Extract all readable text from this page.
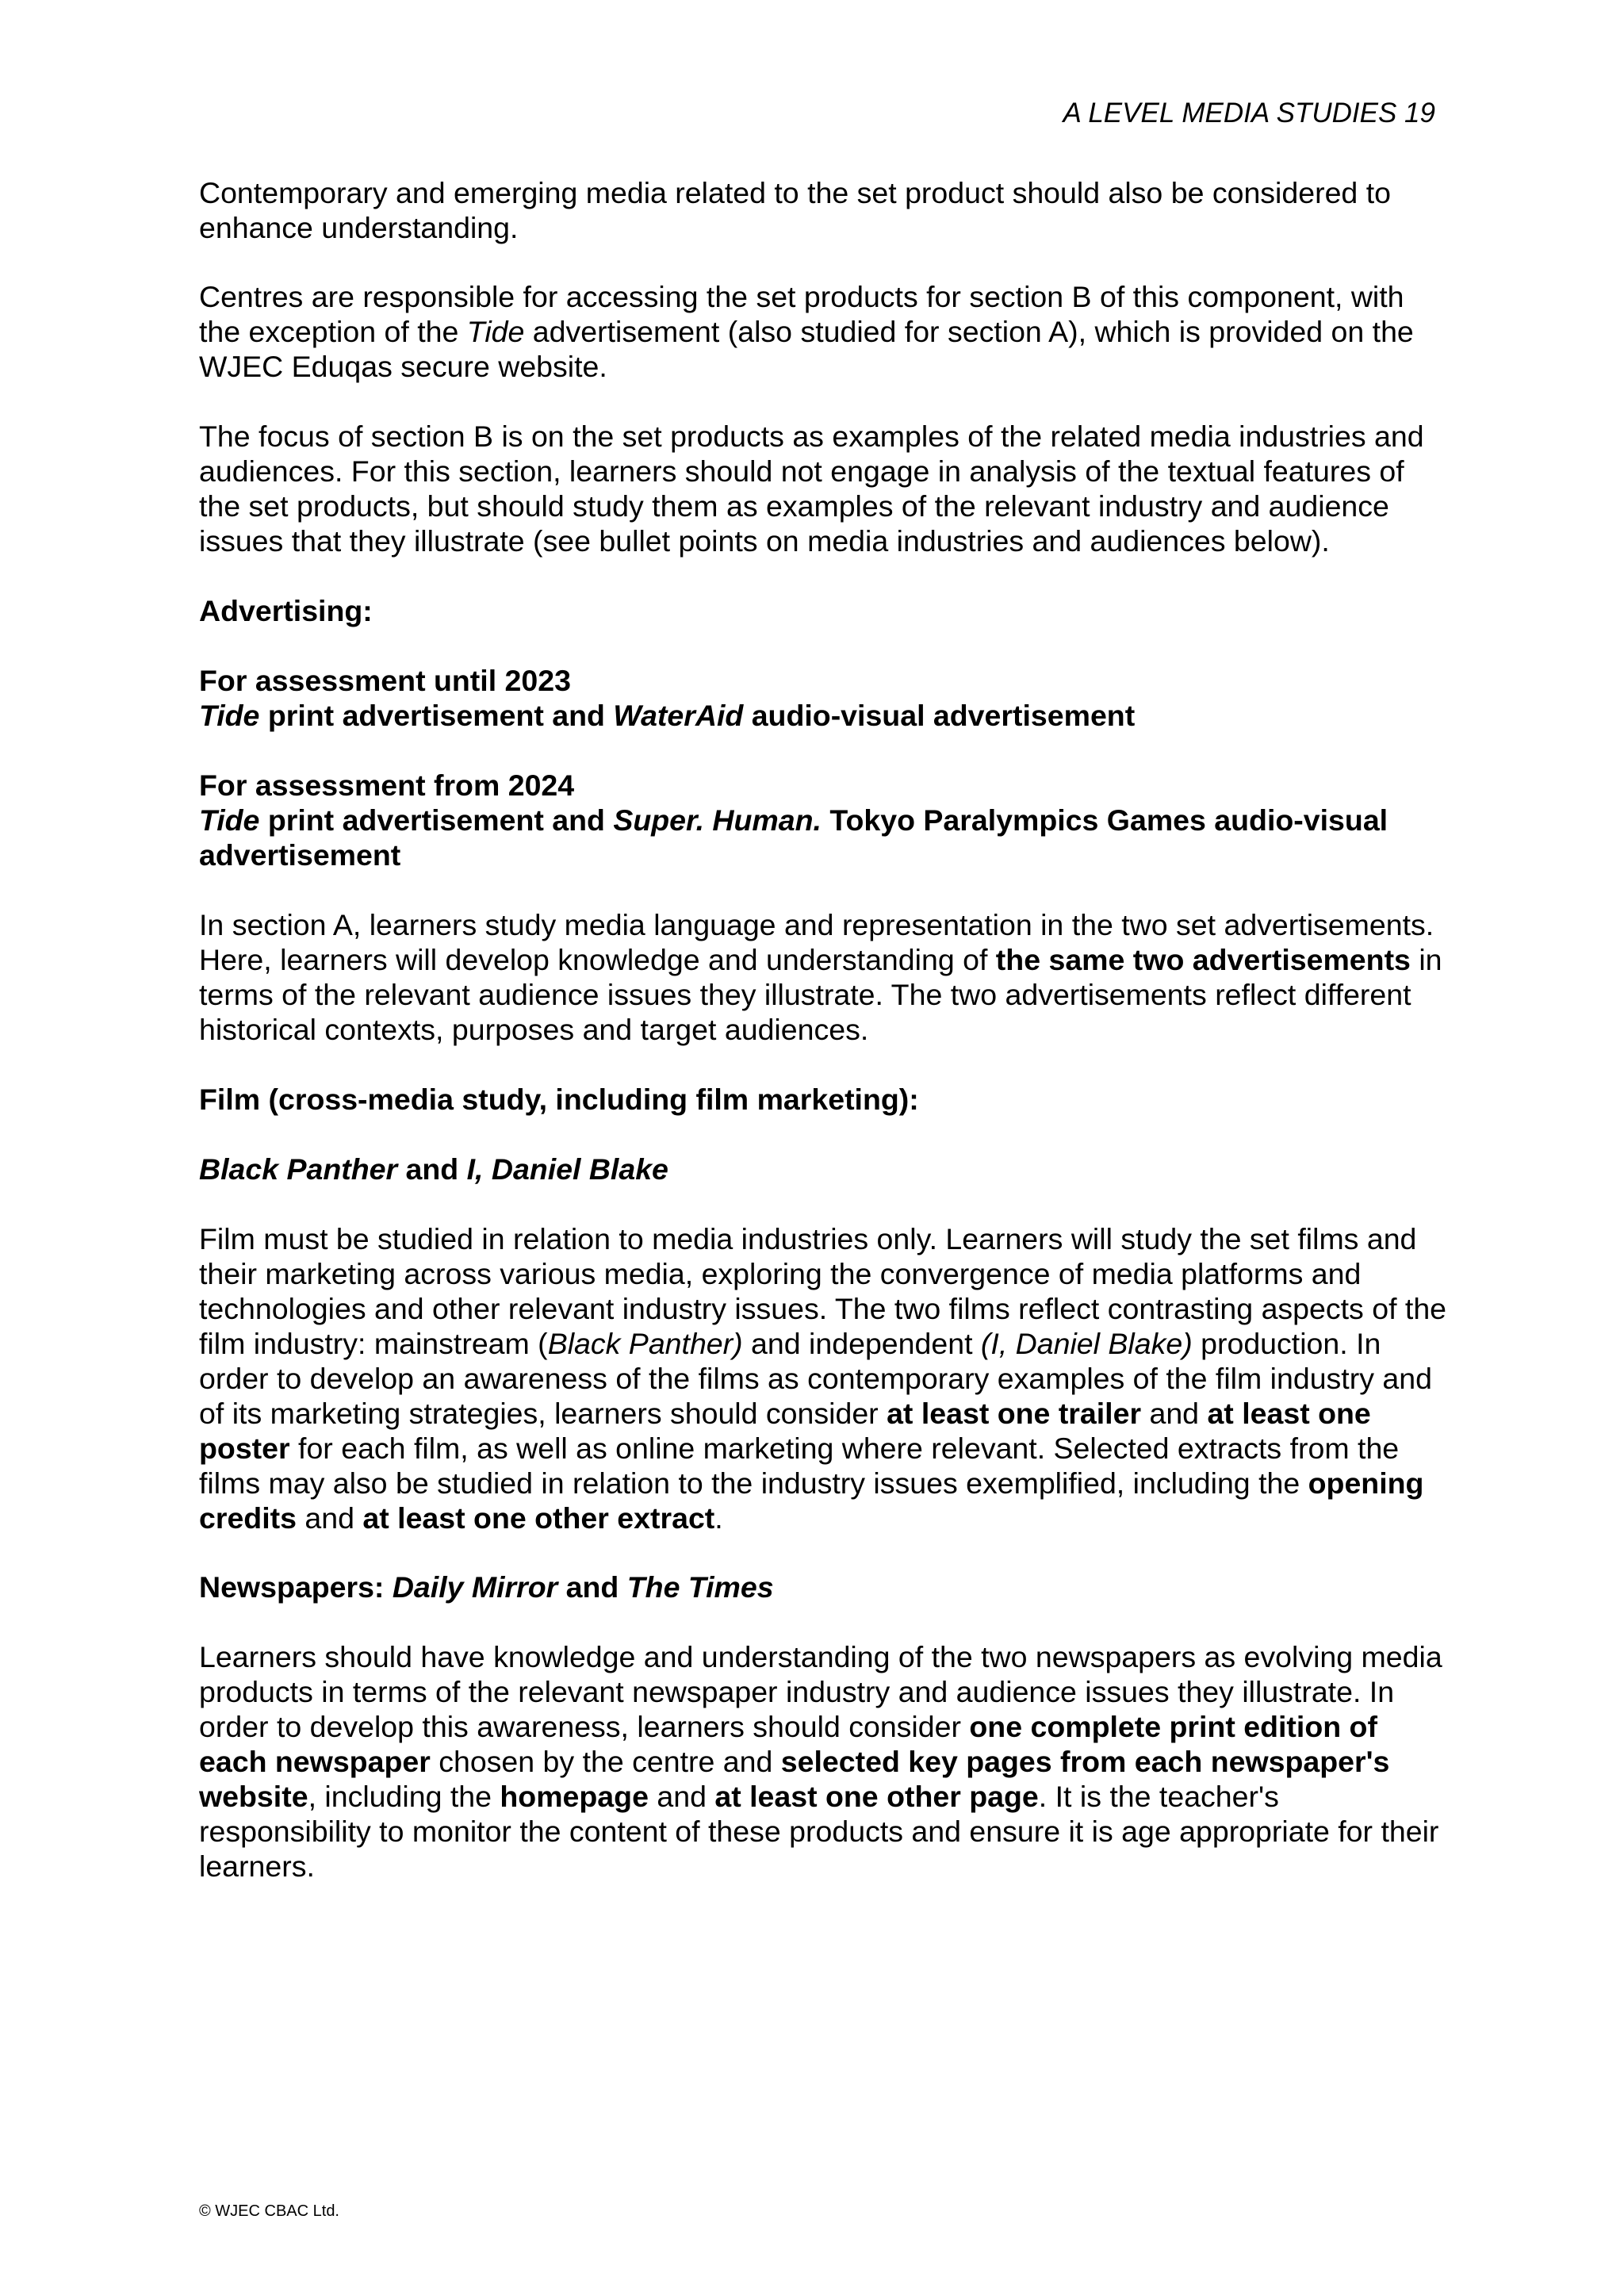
A LEVEL MEDIA STUDIES 19

Contemporary and emerging media related to the set product should also be considered to enhance understanding.

Centres are responsible for accessing the set products for section B of this component, with the exception of the Tide advertisement (also studied for section A), which is provided on the WJEC Eduqas secure website.

The focus of section B is on the set products as examples of the related media industries and audiences. For this section, learners should not engage in analysis of the textual features of the set products, but should study them as examples of the relevant industry and audience issues that they illustrate (see bullet points on media industries and audiences below).

Advertising:

For assessment until 2023

Tide print advertisement and WaterAid audio-visual advertisement

For assessment from 2024

Tide print advertisement and Super. Human. Tokyo Paralympics Games audio-visual advertisement

In section A, learners study media language and representation in the two set advertisements. Here, learners will develop knowledge and understanding of the same two advertisements in terms of the relevant audience issues they illustrate. The two advertisements reflect different historical contexts, purposes and target audiences.

Film (cross-media study, including film marketing):

Black Panther and I, Daniel Blake

Film must be studied in relation to media industries only. Learners will study the set films and their marketing across various media, exploring the convergence of media platforms and technologies and other relevant industry issues. The two films reflect contrasting aspects of the film industry: mainstream (Black Panther) and independent (I, Daniel Blake) production. In order to develop an awareness of the films as contemporary examples of the film industry and of its marketing strategies, learners should consider at least one trailer and at least one poster for each film, as well as online marketing where relevant. Selected extracts from the films may also be studied in relation to the industry issues exemplified, including the opening credits and at least one other extract.

Newspapers: Daily Mirror and The Times

Learners should have knowledge and understanding of the two newspapers as evolving media products in terms of the relevant newspaper industry and audience issues they illustrate. In order to develop this awareness, learners should consider one complete print edition of each newspaper chosen by the centre and selected key pages from each newspaper's website, including the homepage and at least one other page. It is the teacher's responsibility to monitor the content of these products and ensure it is age appropriate for their learners.

© WJEC CBAC Ltd.
